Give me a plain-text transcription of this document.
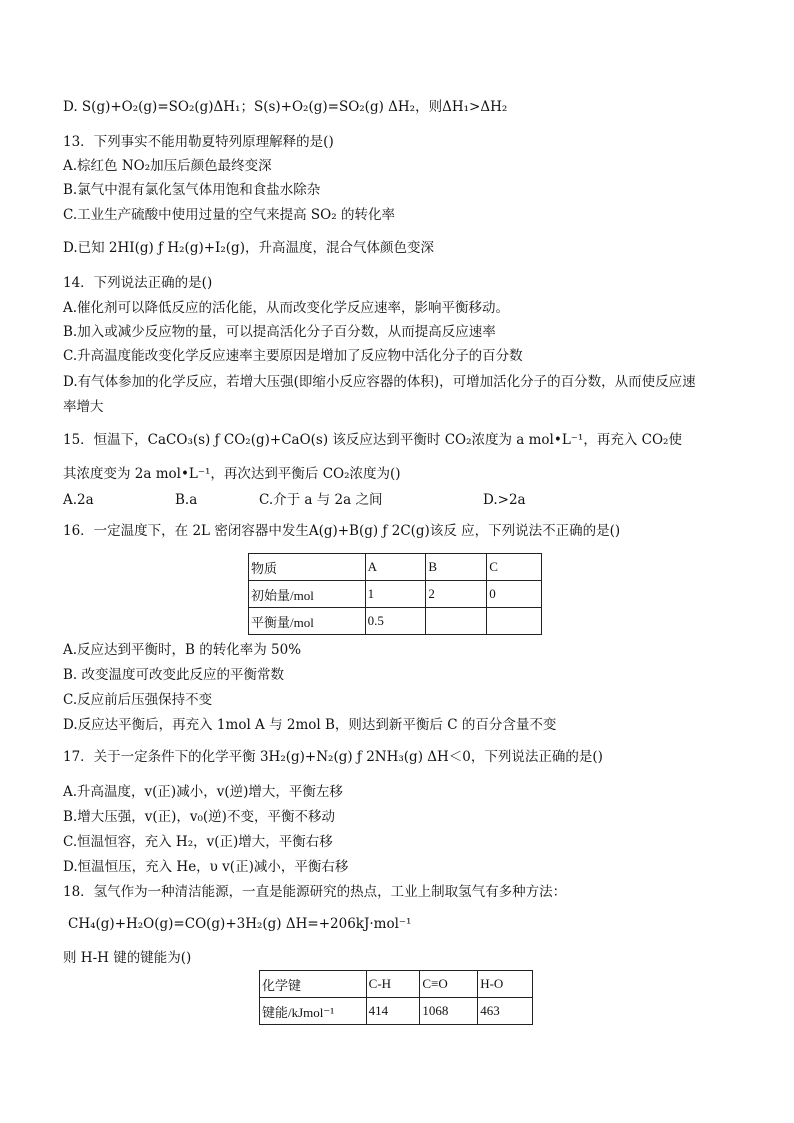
D. S(g)+O₂(g)=SO₂(g)ΔH₁；S(s)+O₂(g)=SO₂(g) ΔH₂，则ΔH₁>ΔH₂
13．下列事实不能用勒夏特列原理解释的是()
A.棕红色 NO₂加压后颜色最终变深
B.氯气中混有氯化氢气体用饱和食盐水除杂
C.工业生产硫酸中使用过量的空气来提高 SO₂ 的转化率
D.已知 2HI(g) ƒ H₂(g)+I₂(g)，升高温度，混合气体颜色变深
14．下列说法正确的是()
A.催化剂可以降低反应的活化能，从而改变化学反应速率，影响平衡移动。
B.加入或减少反应物的量，可以提高活化分子百分数，从而提高反应速率
C.升高温度能改变化学反应速率主要原因是增加了反应物中活化分子的百分数
D.有气体参加的化学反应，若增大压强(即缩小反应容器的体积)，可增加活化分子的百分数，从而使反应速
率增大
15．恒温下，CaCO₃(s) ƒ CO₂(g)+CaO(s) 该反应达到平衡时 CO₂浓度为 a mol•L⁻¹，再充入 CO₂使
其浓度变为 2a mol•L⁻¹，再次达到平衡后 CO₂浓度为()
A.2a	B.a	C.介于 a 与 2a 之间	D.>2a
16．一定温度下，在 2L 密闭容器中发生A(g)+B(g) ƒ 2C(g)该反 应，下列说法不正确的是()
物质	A	B	C
初始量/mol	1	2	0
平衡量/mol	0.5		
A.反应达到平衡时，B 的转化率为 50%
B. 改变温度可改变此反应的平衡常数
C.反应前后压强保持不变
D.反应达平衡后，再充入 1mol A 与 2mol B，则达到新平衡后 C 的百分含量不变
17．关于一定条件下的化学平衡 3H₂(g)+N₂(g) ƒ 2NH₃(g) ΔH＜0，下列说法正确的是()
A.升高温度，v(正)减小，v(逆)增大，平衡左移
B.增大压强，v(正)，v₀(逆)不变，平衡不移动
C.恒温恒容，充入 H₂，v(正)增大，平衡右移
D.恒温恒压，充入 He，υ v(正)减小，平衡右移
18．氢气作为一种清洁能源，一直是能源研究的热点，工业上制取氢气有多种方法：
CH₄(g)+H₂O(g)=CO(g)+3H₂(g) ΔH=+206kJ·mol⁻¹
则 H-H 键的键能为()
化学键	C-H	C≡O	H-O
键能/kJmol⁻¹	414	1068	463
